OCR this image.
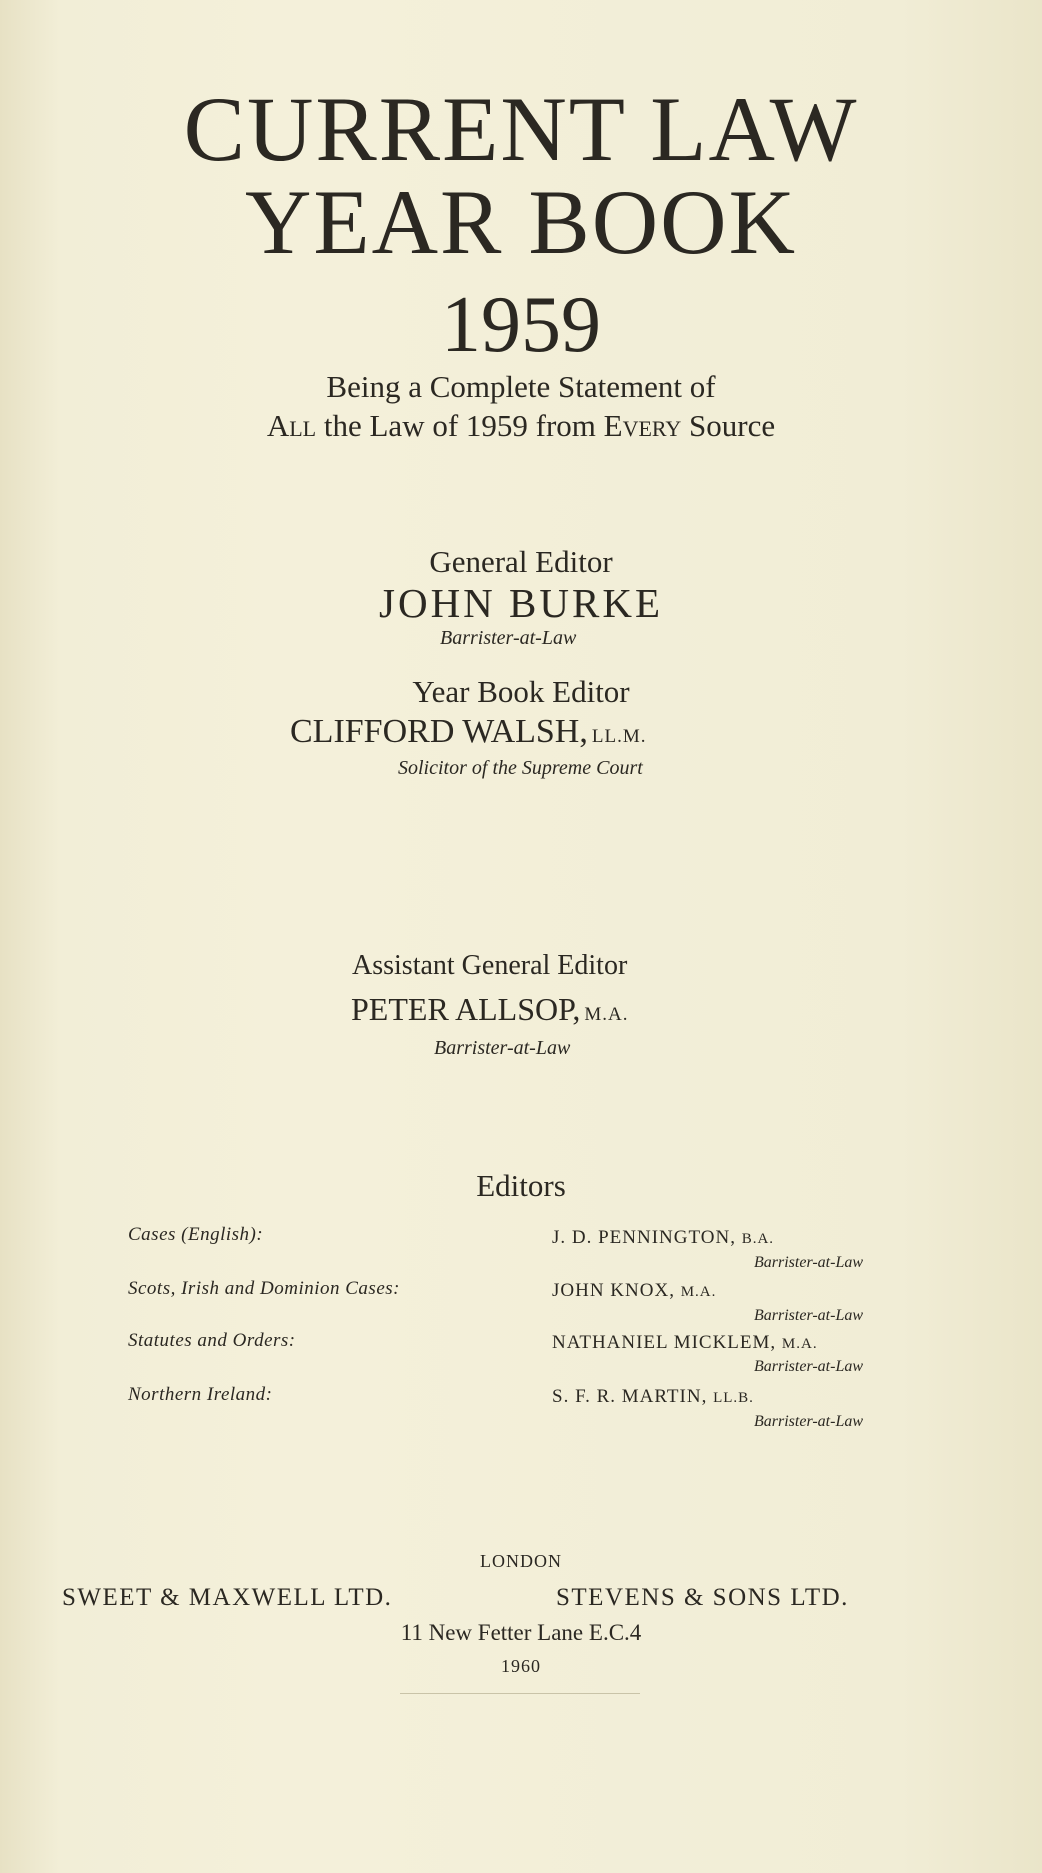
CURRENT LAW
YEAR BOOK
1959
Being a Complete Statement of
All the Law of 1959 from Every Source
General Editor
JOHN BURKE
Barrister-at-Law
Year Book Editor
CLIFFORD WALSH, LL.M.
Solicitor of the Supreme Court
Assistant General Editor
PETER ALLSOP, M.A.
Barrister-at-Law
Editors
Cases (English):	J. D. PENNINGTON, B.A.
Barrister-at-Law
Scots, Irish and Dominion Cases:	JOHN KNOX, M.A.
Barrister-at-Law
Statutes and Orders:	NATHANIEL MICKLEM, M.A.
Barrister-at-Law
Northern Ireland:	S. F. R. MARTIN, LL.B.
Barrister-at-Law
LONDON
SWEET & MAXWELL LTD.	STEVENS & SONS LTD.
11 New Fetter Lane E.C.4
1960
